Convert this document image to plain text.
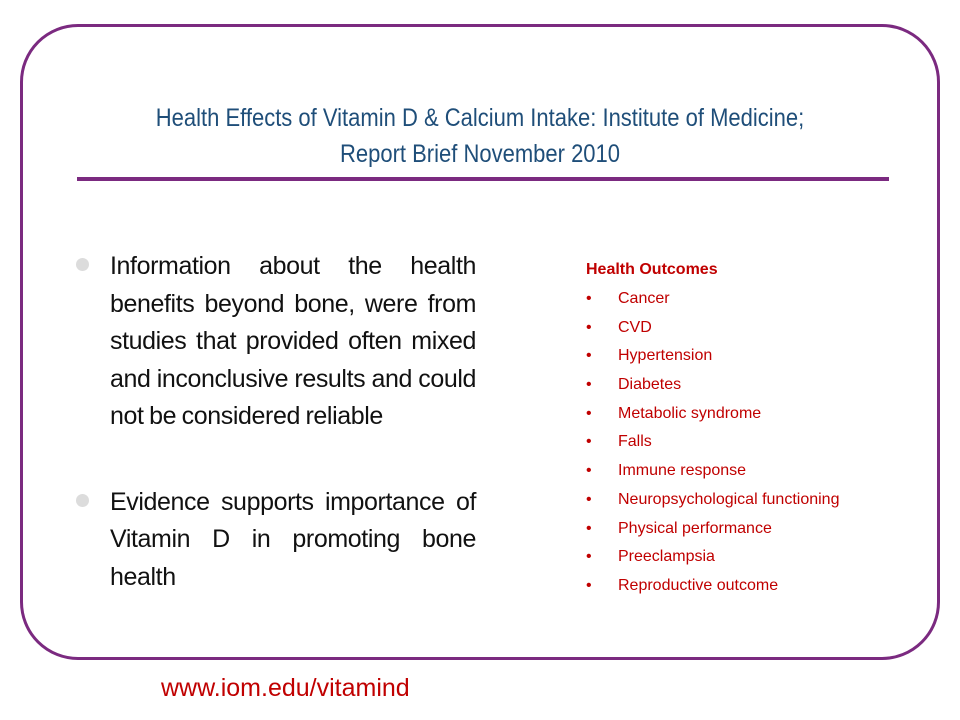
Health Effects of Vitamin D & Calcium Intake: Institute of Medicine;
Report Brief November 2010
Information about the health benefits beyond bone, were from studies that provided often mixed and inconclusive results and could not be considered reliable
Evidence supports importance of Vitamin D in promoting bone health
Health Outcomes
• Cancer
• CVD
• Hypertension
• Diabetes
• Metabolic syndrome
• Falls
• Immune response
• Neuropsychological functioning
• Physical performance
• Preeclampsia
• Reproductive outcome
www.iom.edu/vitamind
